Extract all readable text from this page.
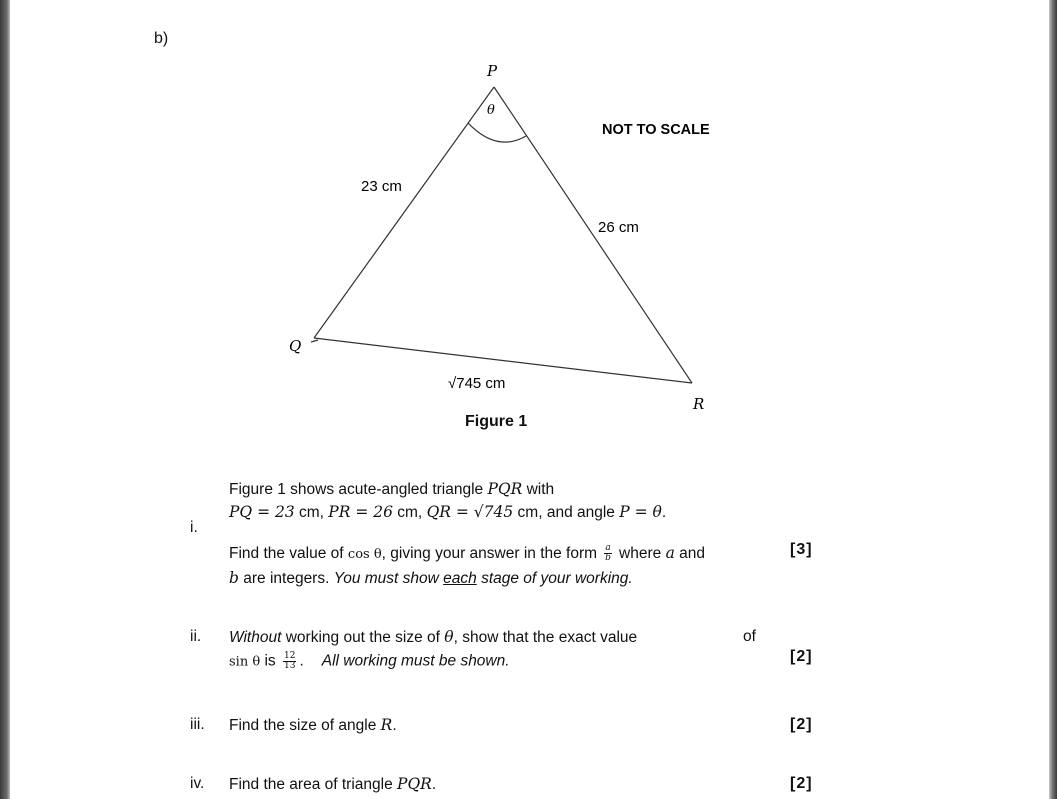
b)
P
Q
R
θ
23 cm
26 cm
√745 cm
NOT TO SCALE
Figure 1
i.
Figure 1 shows acute-angled triangle PQR with
PQ = 23 cm, PR = 26 cm, QR = √745 cm, and angle P = θ.
Find the value of cos θ, giving your answer in the form $\frac{a}{b}$ where a and
b are integers. You must show each stage of your working.
[3]
ii. Without working out the size of θ, show that the exact value	of
sin θ is $\frac{12}{13}$ . All working must be shown.	[2]
iii. Find the size of angle R.	[2]
iv. Find the area of triangle PQR.	[2]
